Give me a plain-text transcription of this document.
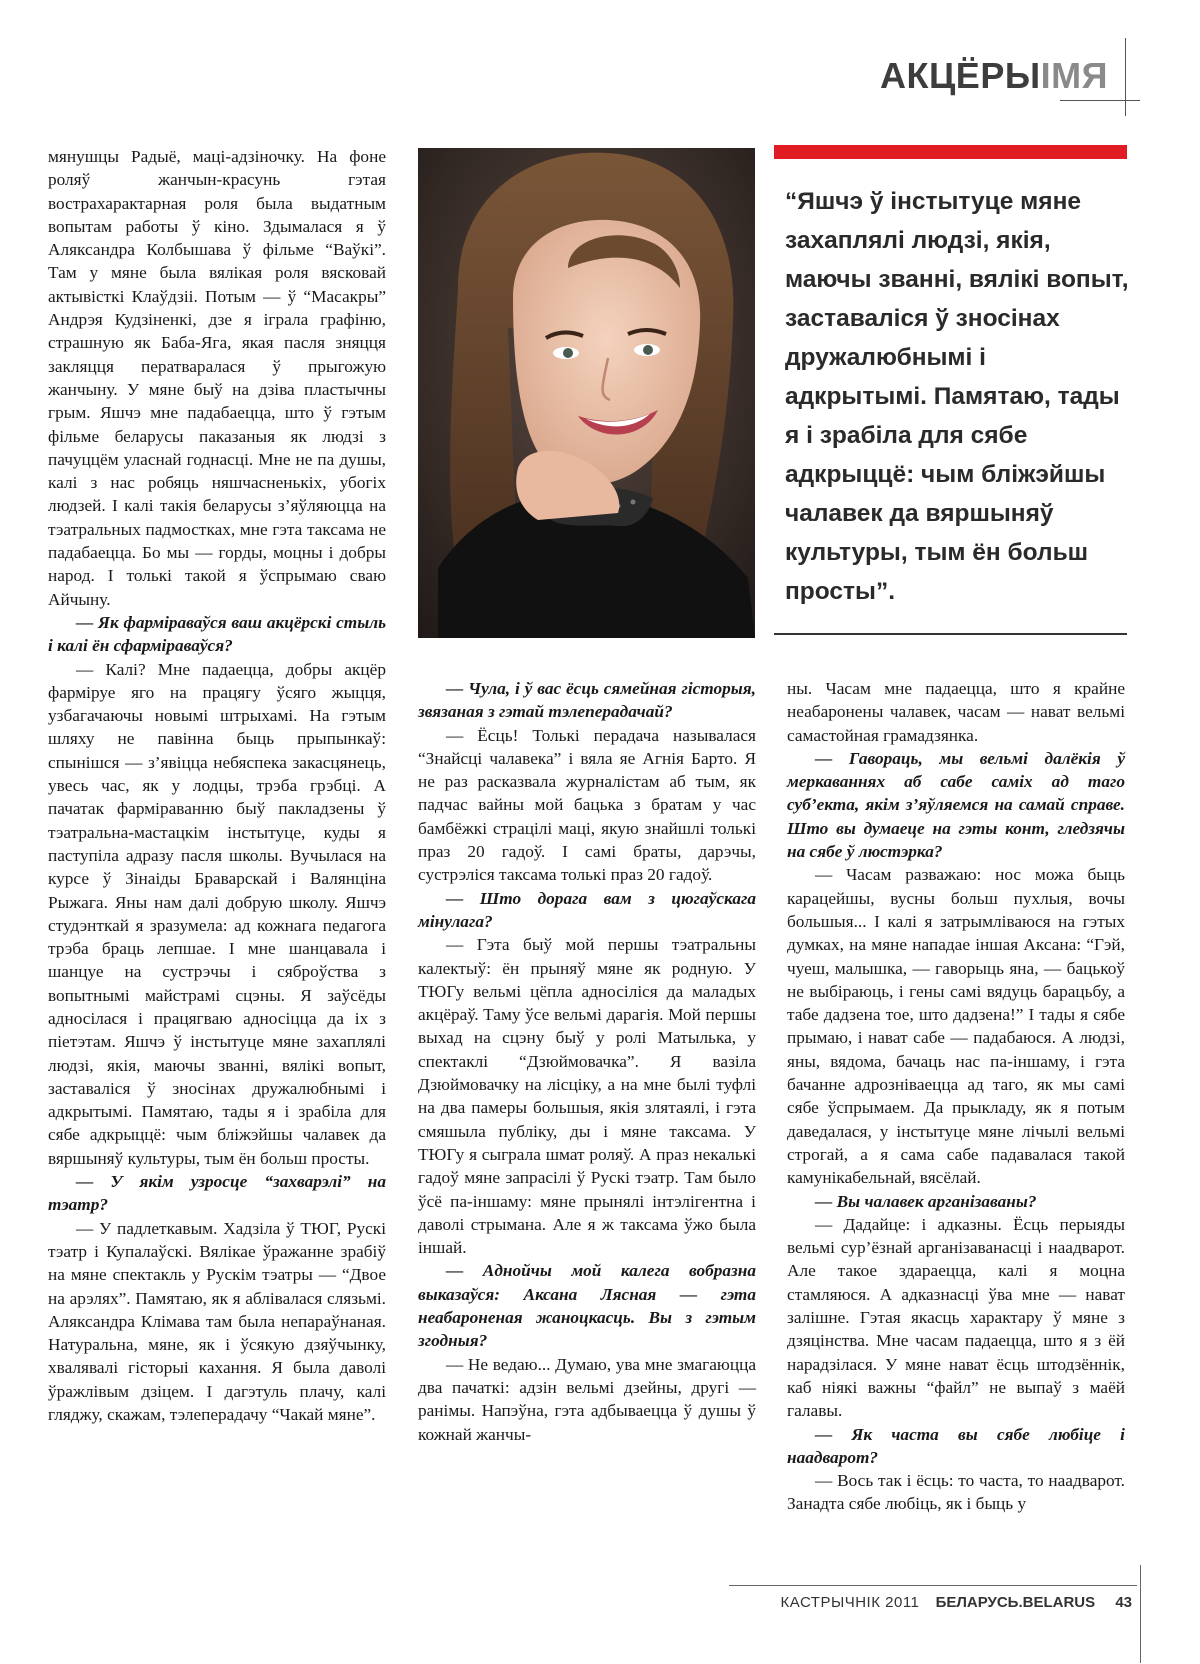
АКЦЁРЫІМЯ

мянушцы Радыё, маці-адзіночку. На фоне роляў жанчын-красунь гэтая вострахарактарная роля была выдатным вопытам работы ў кіно. Здымалася я ў Аляксандра Колбышава ў фільме “Ваўкі”. Там у мяне была вялікая роля вясковай актывісткі Клаўдзіі. Потым — ў “Масакры” Андрэя Кудзіненкі, дзе я іграла графіню, страшную як Баба-Яга, якая пасля зняцця закляцця ператваралася ў прыгожую жанчыну. У мяне быў на дзіва пластычны грым. Яшчэ мне падабаецца, што ў гэтым фільме беларусы паказаныя як людзі з пачуццём уласнай годнасці. Мне не па душы, калі з нас робяць няшчасненькіх, убогіх людзей. І калі такія беларусы з’яўляюцца на тэатральных падмостках, мне гэта таксама не падабаецца. Бо мы — горды, моцны і добры народ. І толькі такой я ўспрымаю сваю Айчыну.

— Як фарміраваўся ваш акцёрскі стыль і калі ён сфарміраваўся?

— Калі? Мне падаецца, добры акцёр фарміруе яго на працягу ўсяго жыцця, узбагачаючы новымі штрыхамі. На гэтым шляху не павінна быць прыпынкаў: спынішся — з’явіцца небяспека закасцянець, увесь час, як у лодцы, трэба грэбці. А пачатак фарміраванню быў пакладзены ў тэатральна-мастацкім інстытуце, куды я паступіла адразу пасля школы. Вучылася на курсе ў Зінаіды Браварскай і Валянціна Рыжага. Яны нам далі добрую школу. Яшчэ студэнткай я зразумела: ад кожнага педагога трэба браць лепшае. І мне шанцавала і шанцуе на сустрэчы і сяброўства з вопытнымі майстрамі сцэны. Я заўсёды адносілася і працягваю адносіцца да іх з піетэтам. Яшчэ ў інстытуце мяне захаплялі людзі, якія, маючы званні, вялікі вопыт, заставаліся ў зносінах дружалюбнымі і адкрытымі. Памятаю, тады я і зрабіла для сябе адкрыццё: чым бліжэйшы чалавек да вяршыняў культуры, тым ён больш просты.

— У якім узросце “захварэлі” на тэатр?

— У падлеткавым. Хадзіла ў ТЮГ, Рускі тэатр і Купалаўскі. Вялікае ўражанне зрабіў на мяне спектакль у Рускім тэатры — “Двое на арэлях”. Памятаю, як я аблівалася слязьмі. Аляксандра Клімава там была непараўнаная. Натуральна, мяне, як і ўсякую дзяўчынку, хвалявалі гісторыі кахання. Я была даволі ўражлівым дзіцем. І дагэтуль плачу, калі гляджу, скажам, тэлеперадачу “Чакай мяне”.

“Яшчэ ў інстытуце мяне захаплялі людзі, якія, маючы званні, вялікі вопыт, заставаліся ў зносінах дружалюбнымі і адкрытымі. Памятаю, тады я і зрабіла для сябе адкрыццё: чым бліжэйшы чалавек да вяршыняў культуры, тым ён больш просты”.

— Чула, і ў вас ёсць сямейная гісторыя, звязаная з гэтай тэлеперадачай?

— Ёсць! Толькі перадача называлася “Знайсці чалавека” і вяла яе Агнія Барто. Я не раз расказвала журналістам аб тым, як падчас вайны мой бацька з братам у час бамбёжкі страцілі маці, якую знайшлі толькі праз 20 гадоў. І самі браты, дарэчы, сустрэліся таксама толькі праз 20 гадоў.

— Што дорага вам з цюгаўскага мінулага?

— Гэта быў мой першы тэатральны калектыў: ён прыняў мяне як родную. У ТЮГу вельмі цёпла адносіліся да маладых акцёраў. Таму ўсе вельмі дарагія. Мой першы выхад на сцэну быў у ролі Матылька, у спектаклі “Дзюймовачка”. Я вазіла Дзюймовачку на лісціку, а на мне былі туфлі на два памеры большыя, якія злятаялі, і гэта смяшыла публіку, ды і мяне таксама. У ТЮГу я сыграла шмат роляў. А праз некалькі гадоў мяне запрасілі ў Рускі тэатр. Там было ўсё па-іншаму: мяне прынялі інтэлігентна і даволі стрымана. Але я ж таксама ўжо была іншай.

— Аднойчы мой калега вобразна выказаўся: Аксана Лясная — гэта неабароненая жаноцкасць. Вы з гэтым згодныя?

— Не ведаю... Думаю, ува мне змагаюцца два пачаткі: адзін вельмі дзейны, другі — ранімы. Напэўна, гэта адбываецца ў душы ў кожнай жанчы-

ны. Часам мне падаецца, што я крайне неабаронены чалавек, часам — нават вельмі самастойная грамадзянка.

— Гавораць, мы вельмі далёкія ў меркаваннях аб сабе саміх ад таго суб’екта, якім з’яўляемся на самай справе. Што вы думаеце на гэты конт, гледзячы на сябе ў люстэрка?

— Часам разважаю: нос можа быць карацейшы, вусны больш пухлыя, вочы большыя... І калі я затрымліваюся на гэтых думках, на мяне нападае іншая Аксана: “Гэй, чуеш, малышка, — гаворыць яна, — бацькоў не выбіраюць, і гены самі вядуць барацьбу, а табе дадзена тое, што дадзена!” І тады я сябе прымаю, і нават сабе — падабаюся. А людзі, яны, вядома, бачаць нас па-іншаму, і гэта бачанне адрозніваецца ад таго, як мы самі сябе ўспрымаем. Да прыкладу, як я потым даведалася, у інстытуце мяне лічылі вельмі строгай, а я сама сабе падавалася такой камунікабельнай, вясёлай.

— Вы чалавек арганізаваны?

— Дадайце: і адказны. Ёсць перыяды вельмі сур’ёзнай арганізаванасці і наадварот. Але такое здараецца, калі я моцна стамляюся. А адказнасці ўва мне — нават залішне. Гэтая якасць характару ў мяне з дзяцінства. Мне часам падаецца, што я з ёй нарадзілася. У мяне нават ёсць штодзённік, каб ніякі важны “файл” не выпаў з маёй галавы.

— Як часта вы сябе любіце і наадварот?

— Вось так і ёсць: то часта, то наадварот. Занадта сябе любіць, як і быць у

КАСТРЫЧНІК 2011 БЕЛАРУСЬ.BELARUS 43
